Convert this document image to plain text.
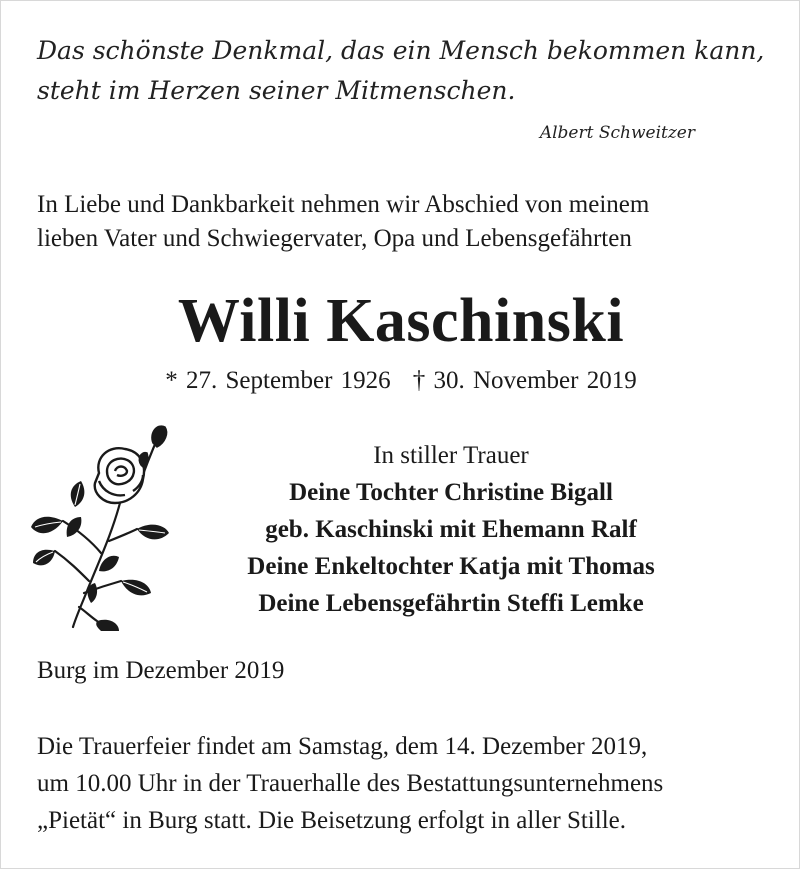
Das schönste Denkmal, das ein Mensch bekommen kann,
steht im Herzen seiner Mitmenschen.
Albert Schweitzer
In Liebe und Dankbarkeit nehmen wir Abschied von meinem
lieben Vater und Schwiegervater, Opa und Lebensgefährten
Willi Kaschinski
* 27. September 1926 † 30. November 2019
In stiller Trauer
Deine Tochter Christine Bigall
geb. Kaschinski mit Ehemann Ralf
Deine Enkeltochter Katja mit Thomas
Deine Lebensgefährtin Steffi Lemke
Burg im Dezember 2019
Die Trauerfeier findet am Samstag, dem 14. Dezember 2019,
um 10.00 Uhr in der Trauerhalle des Bestattungsunternehmens
„Pietät“ in Burg statt. Die Beisetzung erfolgt in aller Stille.
